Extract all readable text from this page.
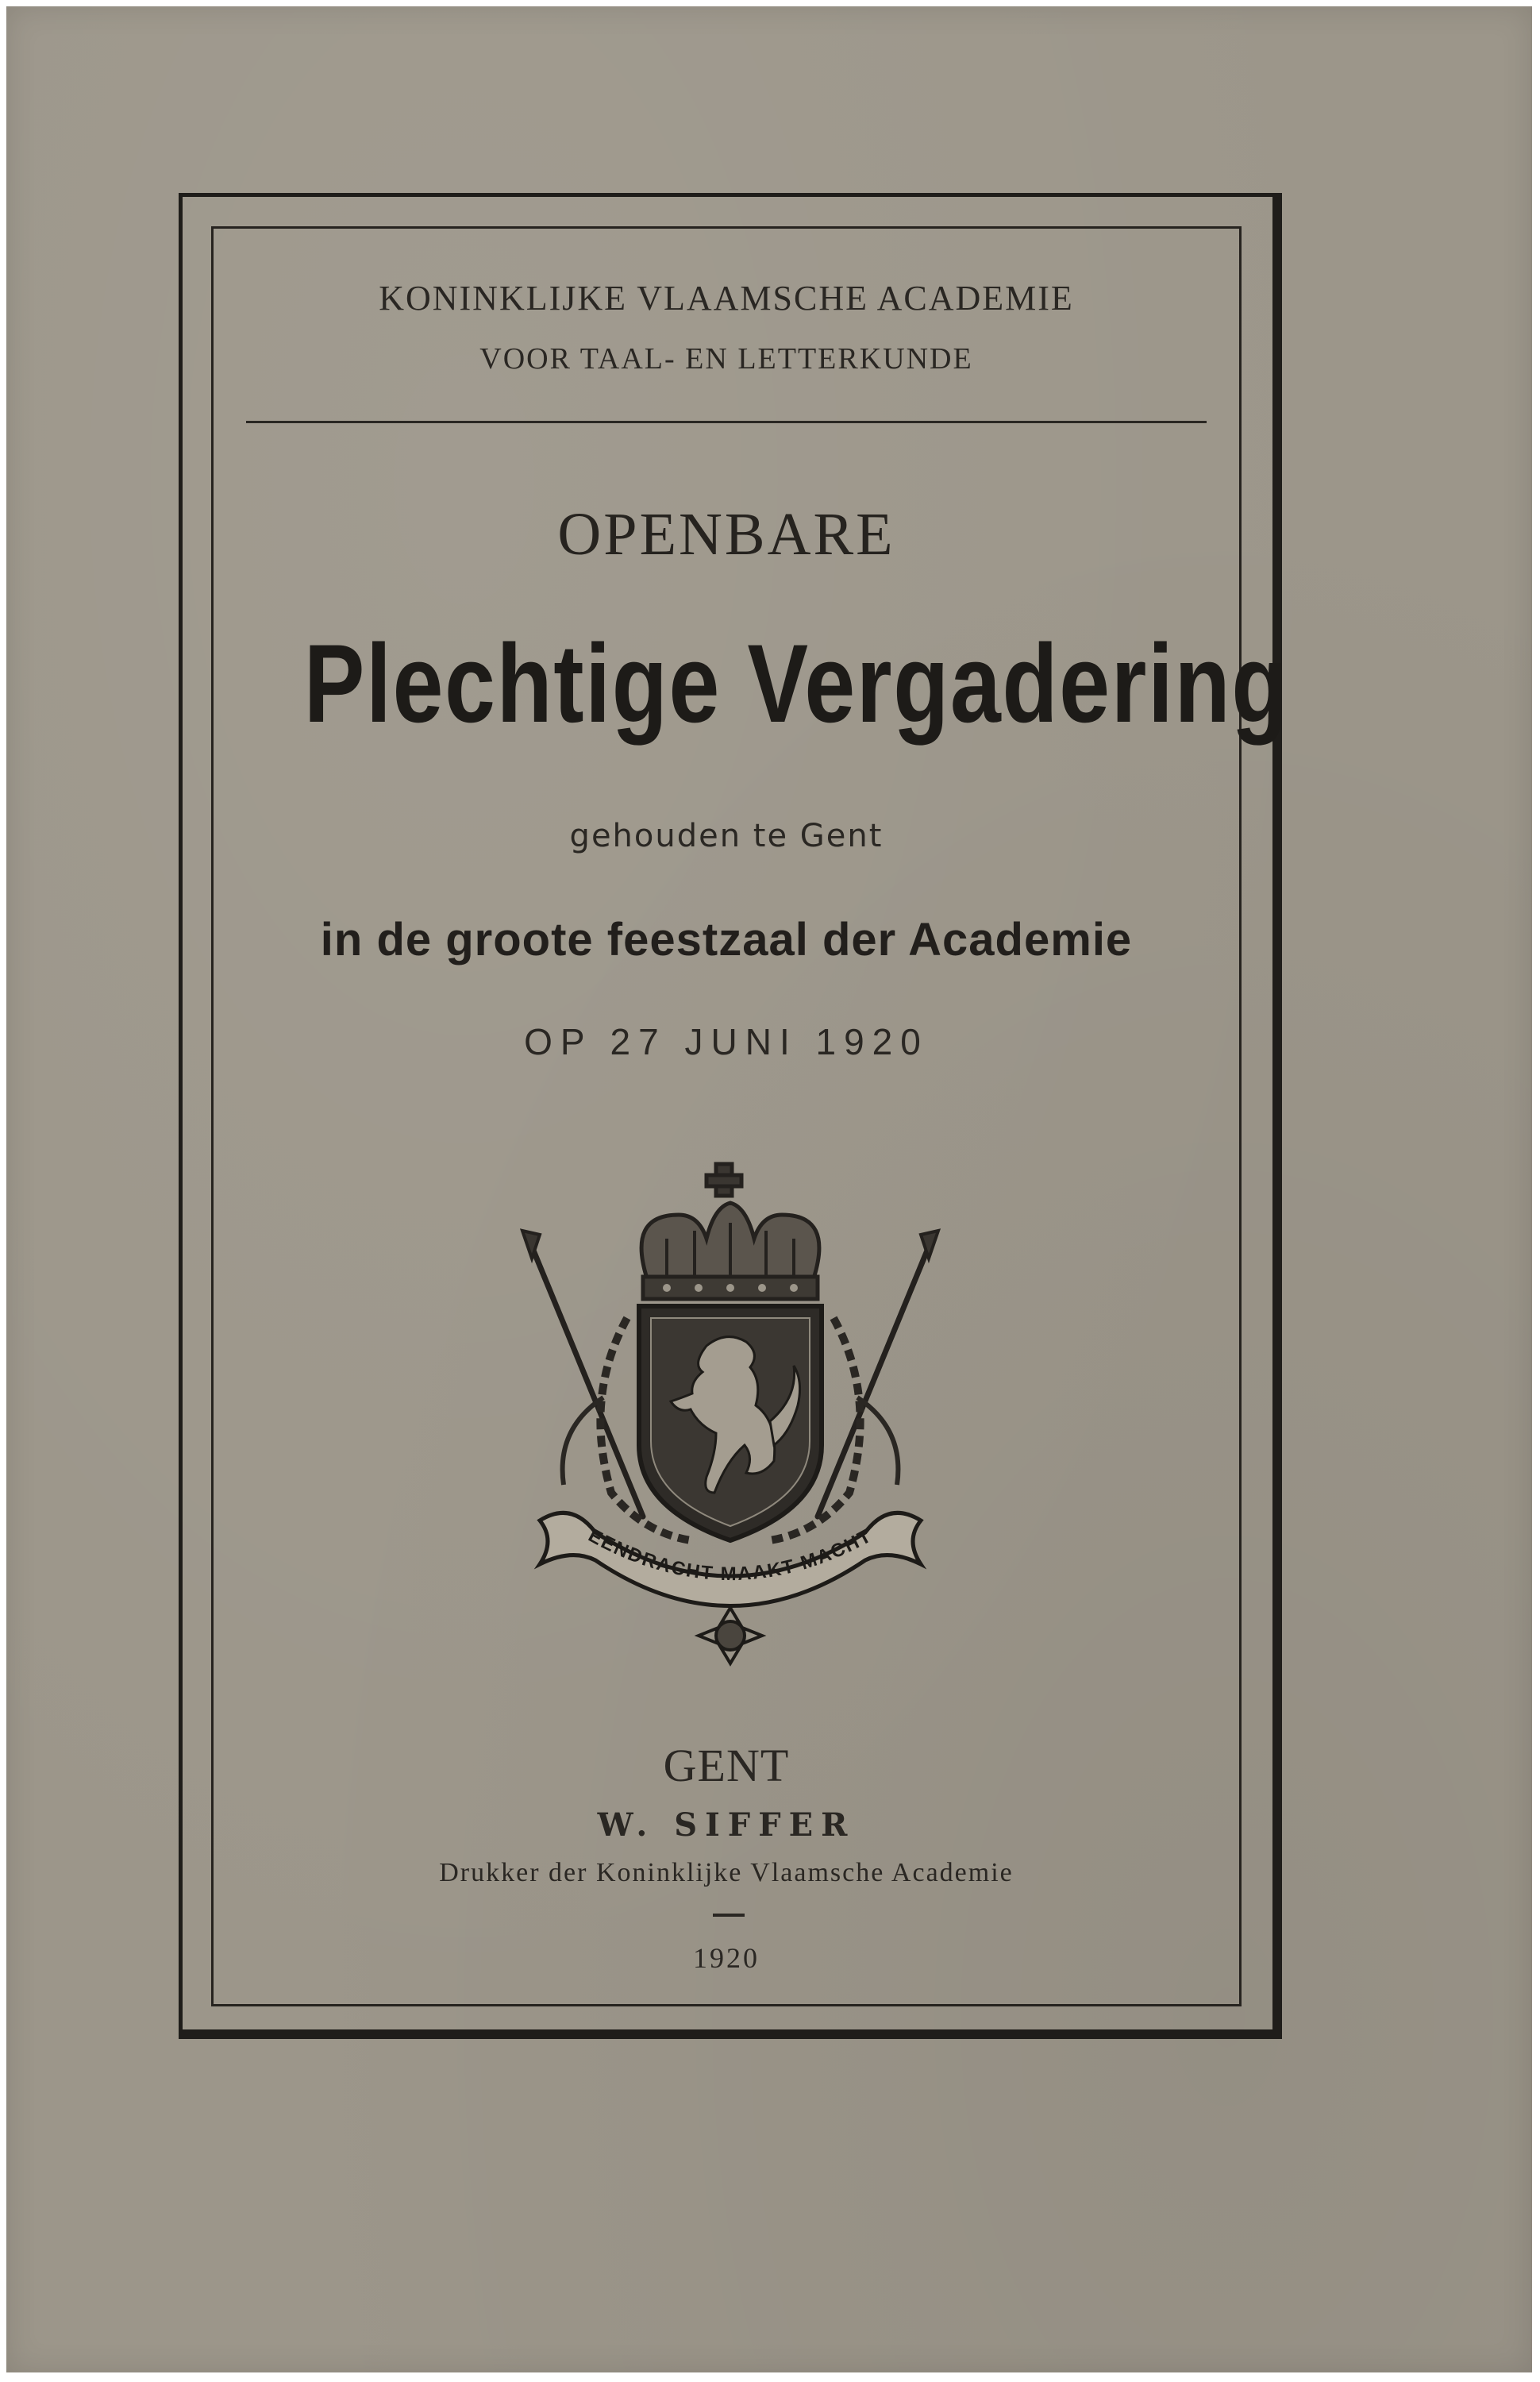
KONINKLIJKE VLAAMSCHE ACADEMIE
VOOR TAAL- EN LETTERKUNDE
OPENBARE
Plechtige Vergadering
gehouden te Gent
in de groote feestzaal der Academie
OP 27 JUNI 1920
EENDRACHT MAAKT MACHT
GENT
W. SIFFER
Drukker der Koninklijke Vlaamsche Academie
1920
